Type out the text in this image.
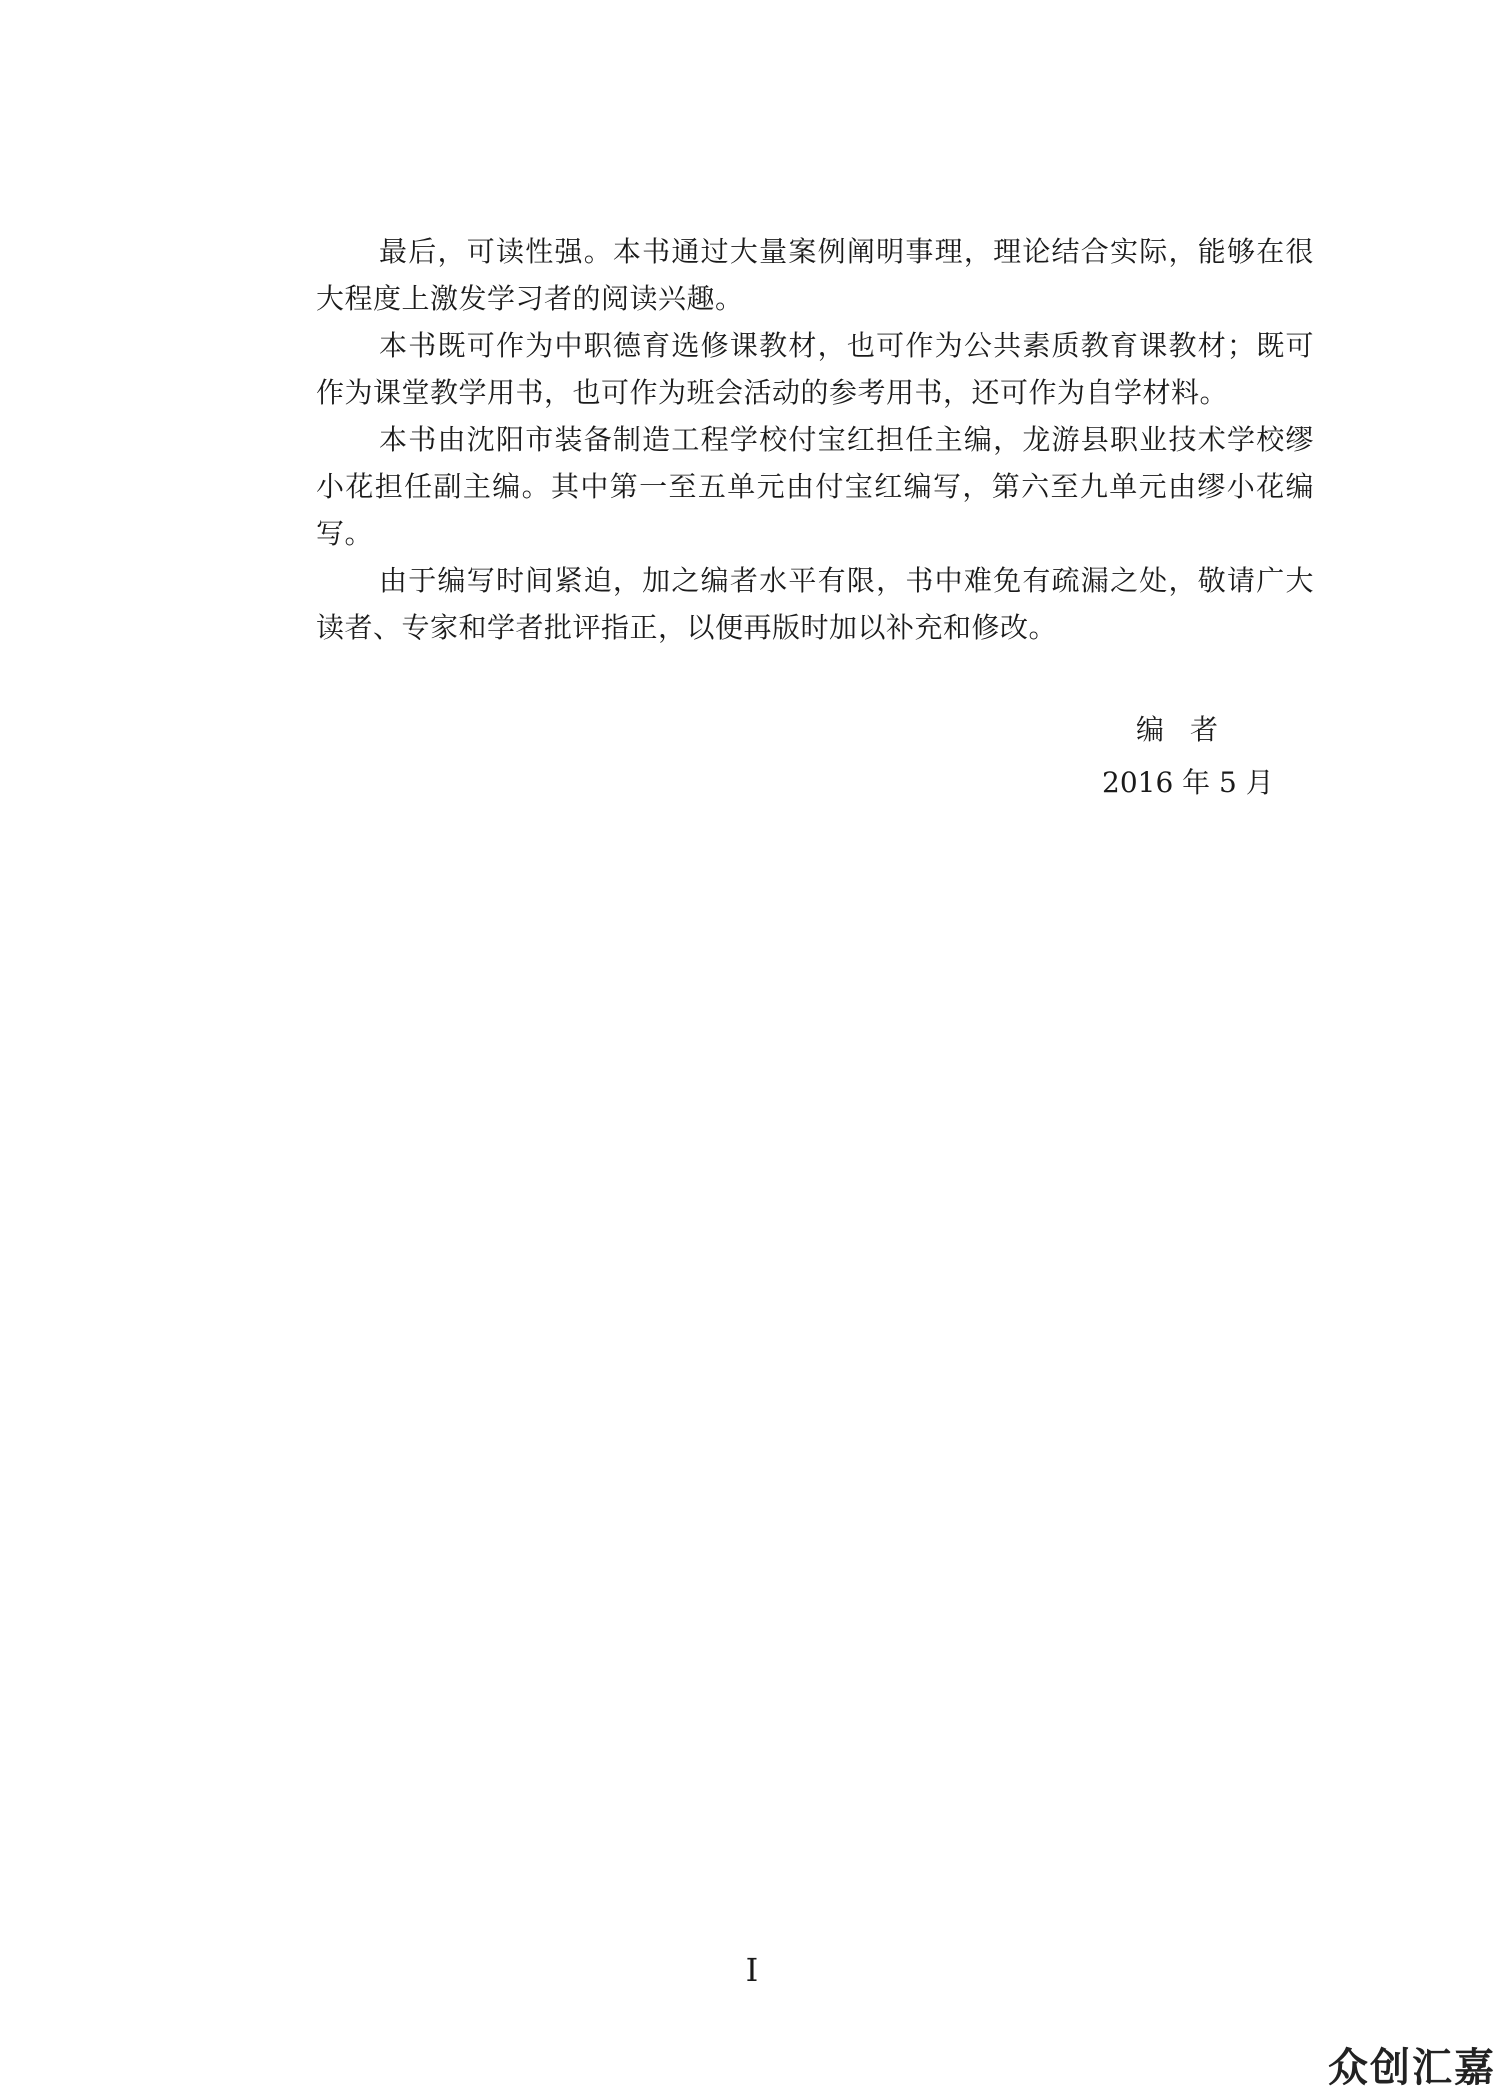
最后，可读性强。本书通过大量案例阐明事理，理论结合实际，能够在很大程度上激发学习者的阅读兴趣。

本书既可作为中职德育选修课教材，也可作为公共素质教育课教材；既可作为课堂教学用书，也可作为班会活动的参考用书，还可作为自学材料。

本书由沈阳市装备制造工程学校付宝红担任主编，龙游县职业技术学校缪小花担任副主编。其中第一至五单元由付宝红编写，第六至九单元由缪小花编写。

由于编写时间紧迫，加之编者水平有限，书中难免有疏漏之处，敬请广大读者、专家和学者批评指正，以便再版时加以补充和修改。

编者
2016 年 5 月
I
众创汇嘉
